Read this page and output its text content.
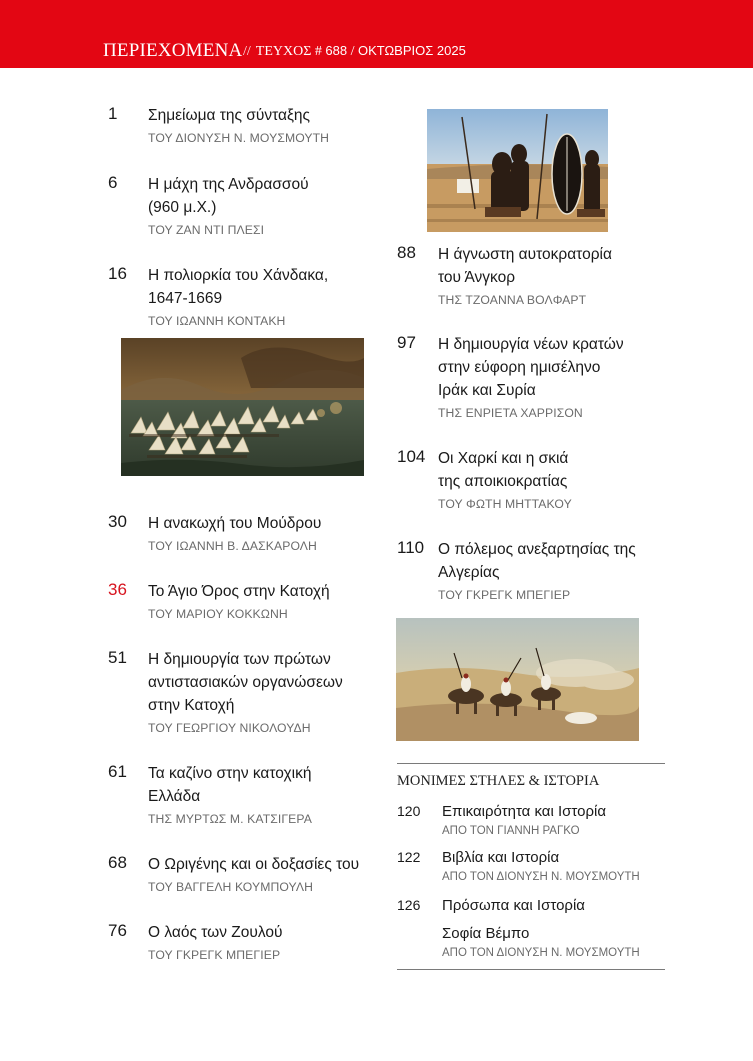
ΠΕΡΙΕΧΟΜΕΝΑ // ΤΕΥΧΟΣ # 688 / ΟΚΤΩΒΡΙΟΣ 2025
1 Σημείωμα της σύνταξης
ΤΟΥ ΔΙΟΝΥΣΗ Ν. ΜΟΥΣΜΟΥΤΗ
6 Η μάχη της Ανδρασσού
(960 μ.Χ.)
ΤΟΥ ΖΑΝ ΝΤΙ ΠΛΕΣΙ
16 Η πολιορκία του Χάνδακα,
1647-1669
ΤΟΥ ΙΩΑΝΝΗ ΚΟΝΤΑΚΗ
30 Η ανακωχή του Μούδρου
ΤΟΥ ΙΩΑΝΝΗ Β. ΔΑΣΚΑΡΟΛΗ
36 Το Άγιο Όρος στην Κατοχή
ΤΟΥ ΜΑΡΙΟΥ ΚΟΚΚΩΝΗ
51 Η δημιουργία των πρώτων
αντιστασιακών οργανώσεων
στην Κατοχή
ΤΟΥ ΓΕΩΡΓΙΟΥ ΝΙΚΟΛΟΥΔΗ
61 Τα καζίνο στην κατοχική
Ελλάδα
ΤΗΣ ΜΥΡΤΩΣ Μ. ΚΑΤΣΙΓΕΡΑ
68 Ο Ωριγένης και οι δοξασίες του
ΤΟΥ ΒΑΓΓΕΛΗ ΚΟΥΜΠΟΥΛΗ
76 Ο λαός των Ζουλού
ΤΟΥ ΓΚΡΕΓΚ ΜΠΕΓΙΕΡ
88 Η άγνωστη αυτοκρατορία
του Άνγκορ
ΤΗΣ ΤΖΟΑΝΝΑ ΒΟΛΦΑΡΤ
97 Η δημιουργία νέων κρατών
στην εύφορη ημισέληνο
Ιράκ και Συρία
ΤΗΣ ΕΝΡΙΕΤΑ ΧΑΡΡΙΣΟΝ
104 Οι Χαρκί και η σκιά
της αποικιοκρατίας
ΤΟΥ ΦΩΤΗ ΜΗΤΤΑΚΟΥ
110 Ο πόλεμος ανεξαρτησίας της
Αλγερίας
ΤΟΥ ΓΚΡΕΓΚ ΜΠΕΓΙΕΡ
ΜΟΝΙΜΕΣ ΣΤΗΛΕΣ & ΙΣΤΟΡΙΑ
120 Επικαιρότητα και Ιστορία
ΑΠΟ ΤΟΝ ΓΙΑΝΝΗ ΡΑΓΚΟ
122 Βιβλία και Ιστορία
ΑΠΟ ΤΟΝ ΔΙΟΝΥΣΗ Ν. ΜΟΥΣΜΟΥΤΗ
126 Πρόσωπα και Ιστορία
Σοφία Βέμπο
ΑΠΟ ΤΟΝ ΔΙΟΝΥΣΗ Ν. ΜΟΥΣΜΟΥΤΗ
